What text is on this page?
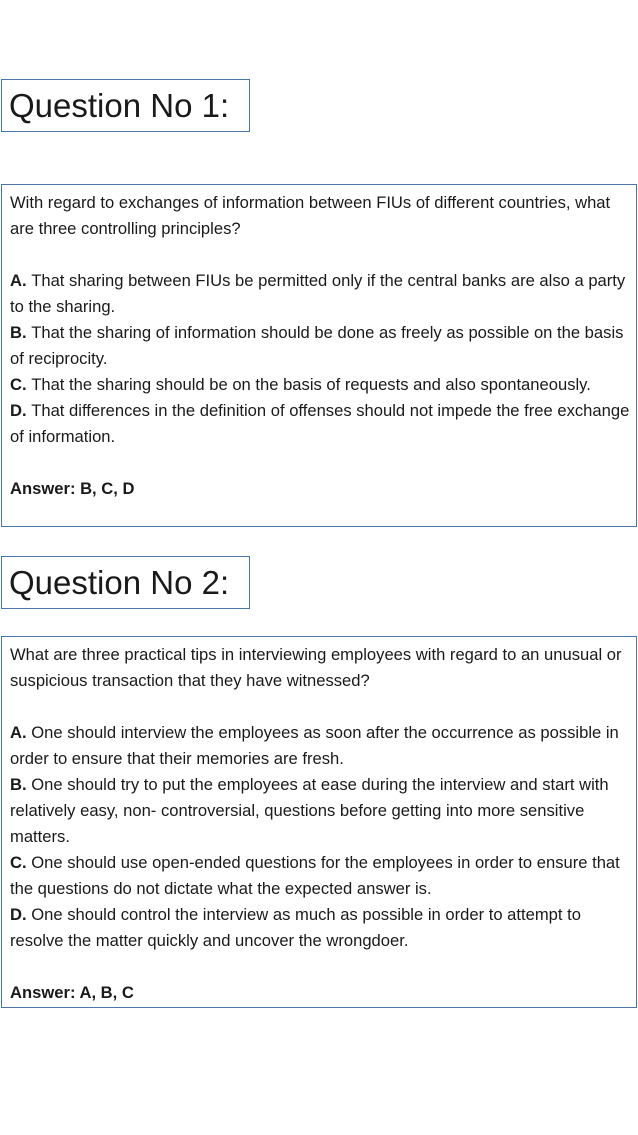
Question No 1:
With regard to exchanges of information between FIUs of different countries, what are three controlling principles?
A. That sharing between FIUs be permitted only if the central banks are also a party to the sharing.
B. That the sharing of information should be done as freely as possible on the basis of reciprocity.
C. That the sharing should be on the basis of requests and also spontaneously.
D. That differences in the definition of offenses should not impede the free exchange of information.
Answer: B, C, D
Question No 2:
What are three practical tips in interviewing employees with regard to an unusual or suspicious transaction that they have witnessed?
A. One should interview the employees as soon after the occurrence as possible in order to ensure that their memories are fresh.
B. One should try to put the employees at ease during the interview and start with relatively easy, non- controversial, questions before getting into more sensitive matters.
C. One should use open-ended questions for the employees in order to ensure that the questions do not dictate what the expected answer is.
D. One should control the interview as much as possible in order to attempt to resolve the matter quickly and uncover the wrongdoer.
Answer: A, B, C
